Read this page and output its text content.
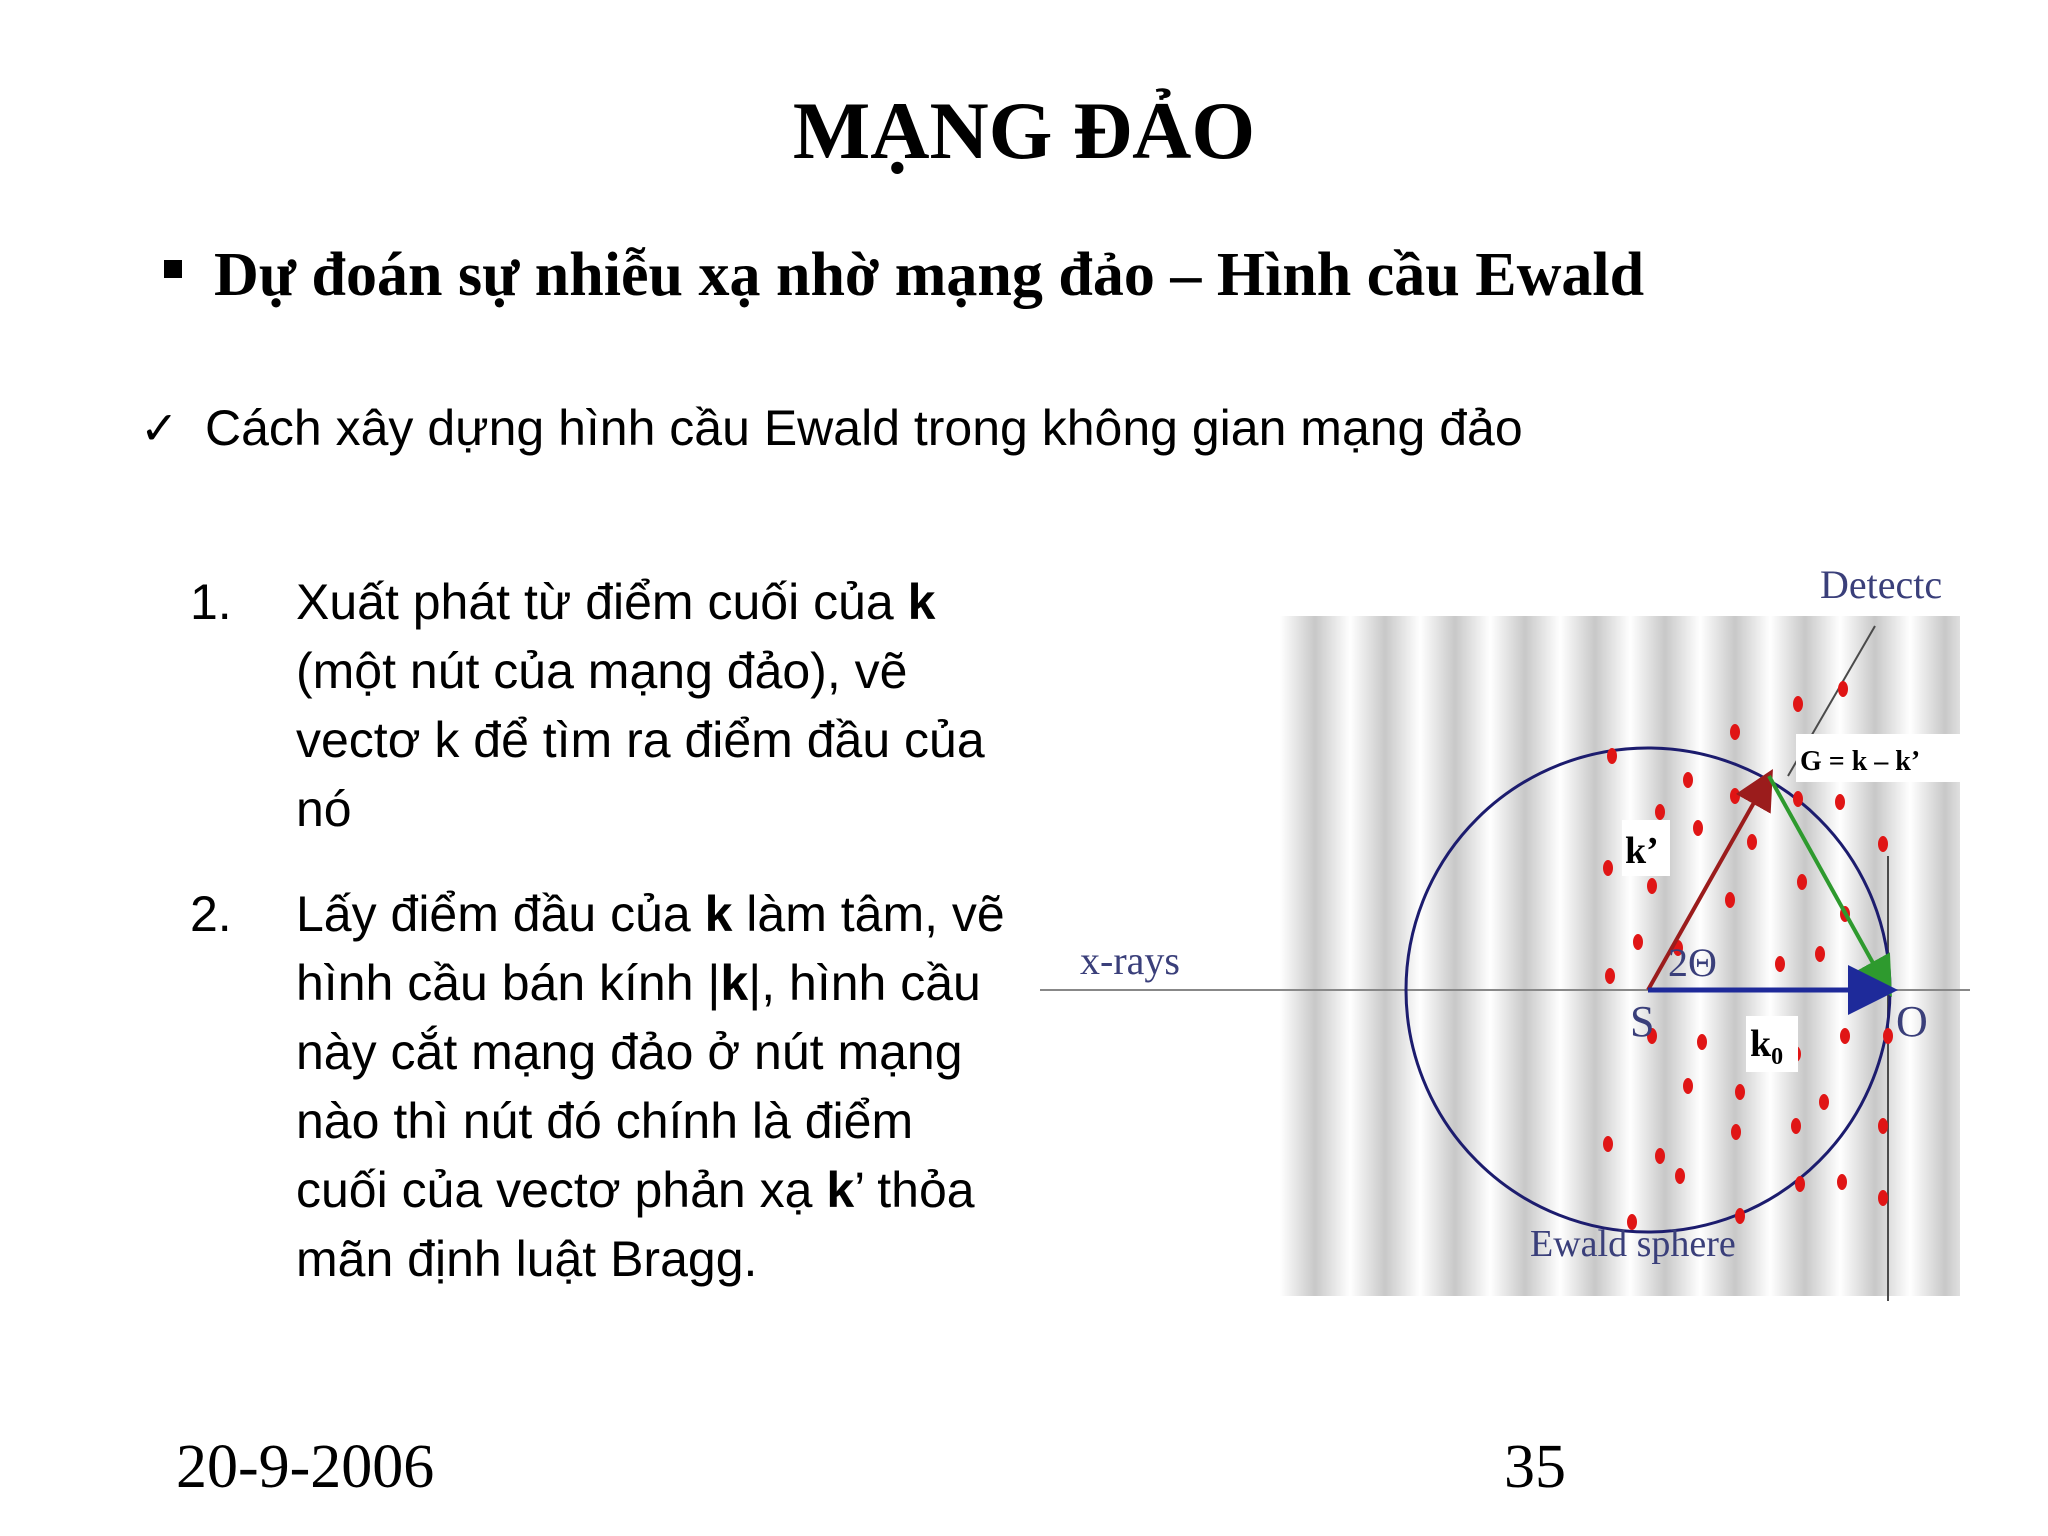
MẠNG ĐẢO
Dự đoán sự nhiễu xạ nhờ mạng đảo – Hình cầu Ewald
✓ Cách xây dựng hình cầu Ewald trong không gian mạng đảo
1.	Xuất phát từ điểm cuối của k (một nút của mạng đảo), vẽ vectơ k để tìm ra điểm đầu của nó
2.	Lấy điểm đầu của k làm tâm, vẽ hình cầu bán kính |k|, hình cầu này cắt mạng đảo ở nút mạng nào thì nút đó chính là điểm cuối của vectơ phản xạ k’ thỏa mãn định luật Bragg.
Detectc
x-rays
S	O
2Θ
k’
$k_0$
G = k – k’
Ewald sphere
20-9-2006	35
